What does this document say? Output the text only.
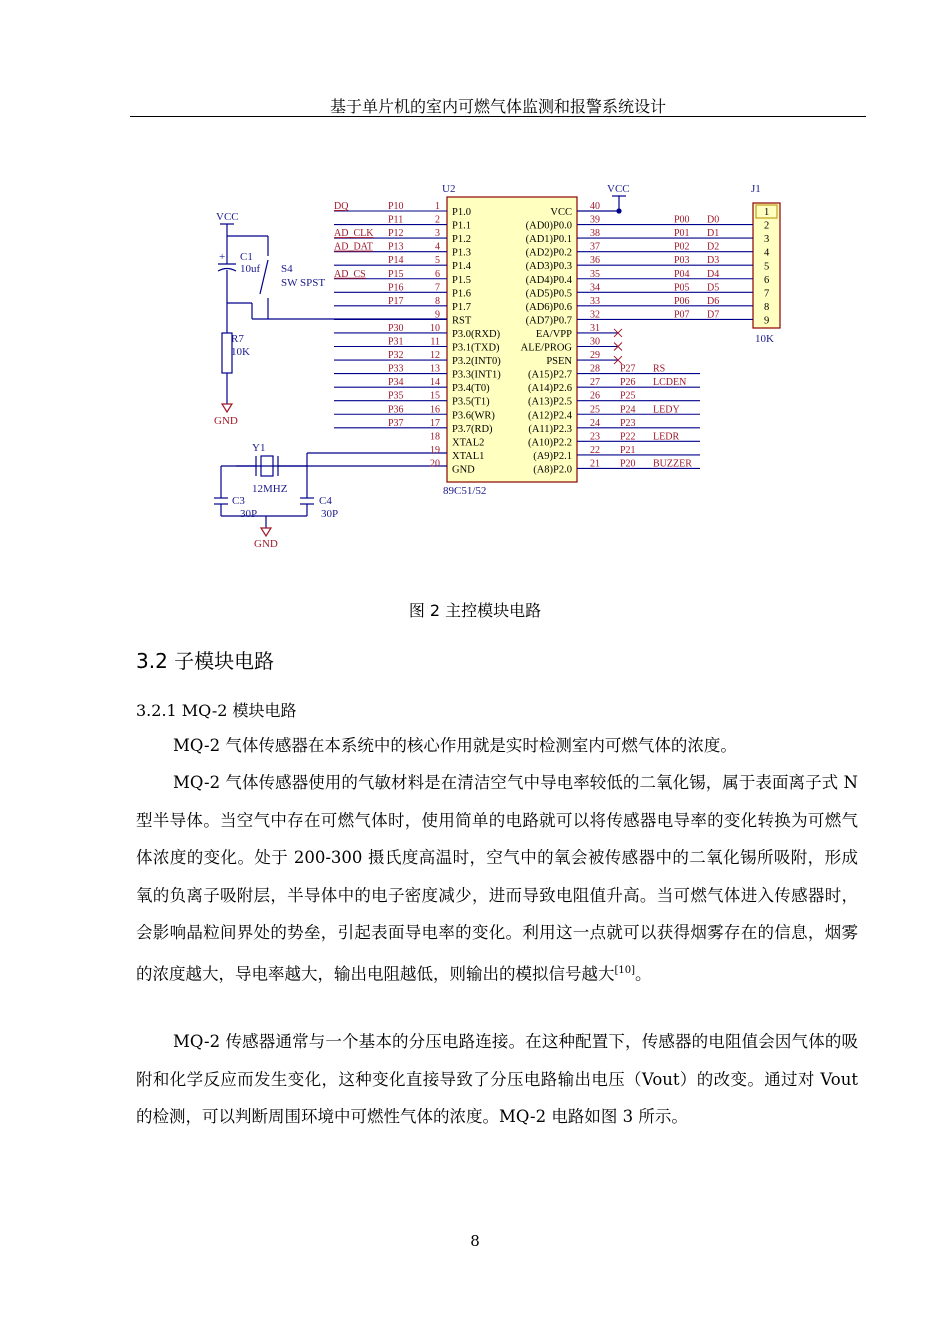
基于单片机的室内可燃气体监测和报警系统设计
1
P1.0
P10
DQ
2
P1.1
P11
3
P1.2
P12
AD_CLK
4
P1.3
P13
AD_DAT
5
P1.4
P14
6
P1.5
P15
AD_CS
7
P1.6
P16
8
P1.7
P17
9
RST
10
P3.0(RXD)
P30
11
P3.1(TXD)
P31
12
P3.2(INT0)
P32
13
P3.3(INT1)
P33
14
P3.4(T0)
P34
15
P3.5(T1)
P35
16
P3.6(WR)
P36
17
P3.7(RD)
P37
18
XTAL2
19
XTAL1
20
GND
40
VCC
39
(AD0)P0.0
P00 D0
38
(AD1)P0.1
P01 D1
37
(AD2)P0.2
P02 D2
36
(AD3)P0.3
P03 D3
35
(AD4)P0.4
P04 D4
34
(AD5)P0.5
P05 D5
33
(AD6)P0.6
P06 D6
32
(AD7)P0.7
P07 D7
31
EA/VPP
30
ALE/PROG
29
PSEN
28
(A15)P2.7
P27 RS
27
(A14)P2.6
P26 LCDEN
26
(A13)P2.5
P25
25
(A12)P2.4
P24 LEDY
24
(A11)P2.3
P23
23
(A10)P2.2
P22 LEDR
22
(A9)P2.1
P21
21
(A8)P2.0
P20 BUZZER
1
2
3
4
5
6
7
8
9
VCC
+ C1
10uf S4
SW SPST
R7
10K
GND
Y1
12MHZ
C3
30P
C4
30P
GND
VCC
U2
89C51/52
J1
10K
图 2 主控模块电路
3.2 子模块电路
3.2.1 MQ-2 模块电路

MQ-2 气体传感器在本系统中的核心作用就是实时检测室内可燃气体的浓度。

MQ-2 气体传感器使用的气敏材料是在清洁空气中导电率较低的二氧化锡，属于表面离子式 N 型半导体。当空气中存在可燃气体时，使用简单的电路就可以将传感器电导率的变化转换为可燃气体浓度的变化。处于 200-300 摄氏度高温时，空气中的氧会被传感器中的二氧化锡所吸附，形成氧的负离子吸附层，半导体中的电子密度减少，进而导致电阻值升高。当可燃气体进入传感器时，会影响晶粒间界处的势垒，引起表面导电率的变化。利用这一点就可以获得烟雾存在的信息，烟雾的浓度越大，导电率越大，输出电阻越低，则输出的模拟信号越大[10]。

MQ-2 传感器通常与一个基本的分压电路连接。在这种配置下，传感器的电阻值会因气体的吸附和化学反应而发生变化，这种变化直接导致了分压电路输出电压（Vout）的改变。通过对 Vout 的检测，可以判断周围环境中可燃性气体的浓度。MQ-2 电路如图 3 所示。

8
